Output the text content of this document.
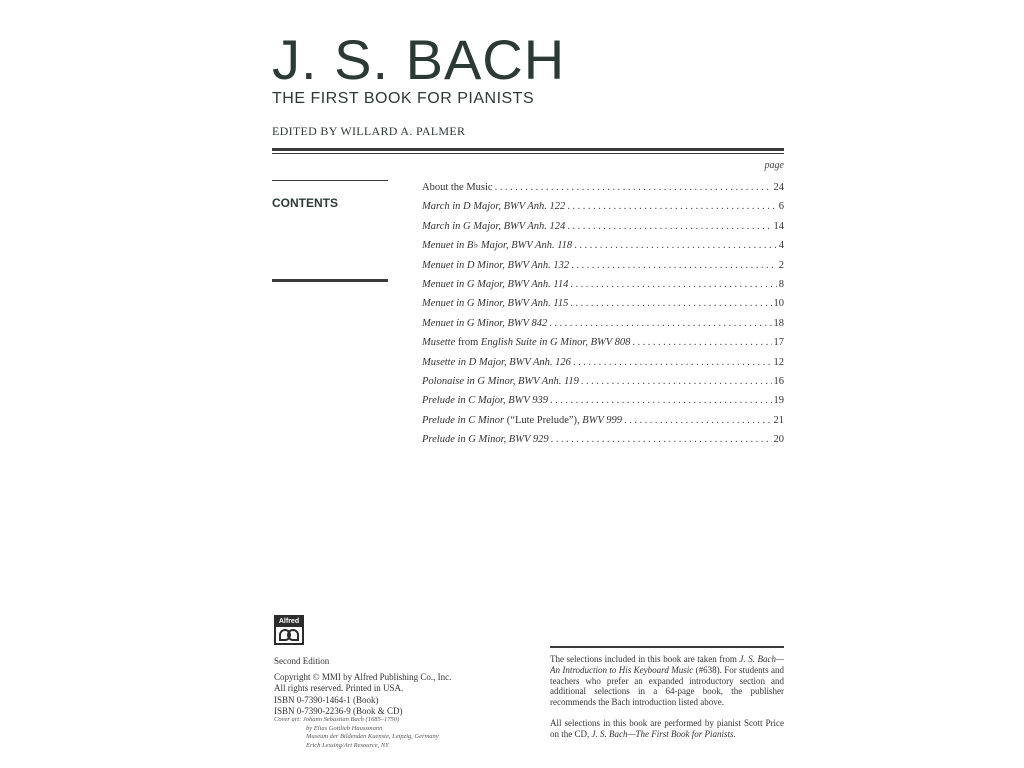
J. S. BACH
THE FIRST BOOK FOR PIANISTS
EDITED BY WILLARD A. PALMER
CONTENTS
page
About the Music .....	24
March in D Major, BWV Anh. 122 .....	6
March in G Major, BWV Anh. 124 .....	14
Menuet in B♭ Major, BWV Anh. 118 .....	4
Menuet in D Minor, BWV Anh. 132 .....	2
Menuet in G Major, BWV Anh. 114 .....	8
Menuet in G Minor, BWV Anh. 115 .....	10
Menuet in G Minor, BWV 842 .....	18
Musette from English Suite in G Minor, BWV 808 .....	17
Musette in D Major, BWV Anh. 126 .....	12
Polonaise in G Minor, BWV Anh. 119 .....	16
Prelude in C Major, BWV 939 .....	19
Prelude in C Minor (“Lute Prelude”), BWV 999 .....	21
Prelude in G Minor, BWV 929 .....	20
Alfred
Second Edition
Copyright © MMI by Alfred Publishing Co., Inc.
All rights reserved. Printed in USA.
ISBN 0-7390-1464-1 (Book)
ISBN 0-7390-2236-9 (Book & CD)
Cover art: Johann Sebastian Bach (1685–1750)
by Elias Gottlieb Haussmann
Museum der Bildenden Kuenste, Leipzig, Germany
Erich Lessing/Art Resource, NY

The selections included in this book are taken from J. S. Bach—An Introduction to His Keyboard Music (#638). For students and teachers who prefer an expanded introductory section and additional selections in a 64-page book, the publisher recommends the Bach introduction listed above.

All selections in this book are performed by pianist Scott Price on the CD, J. S. Bach—The First Book for Pianists.
